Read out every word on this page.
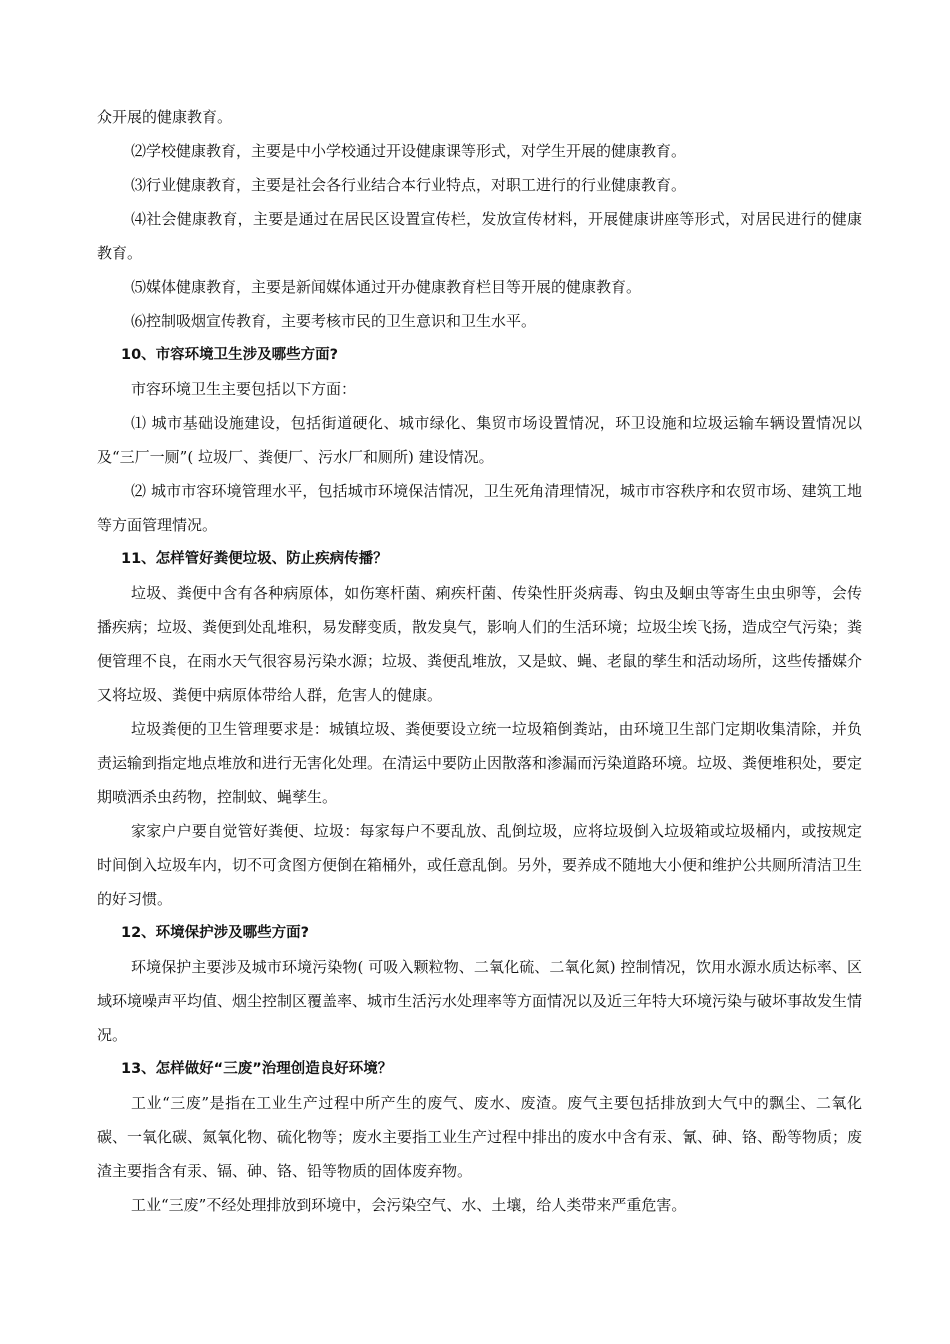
众开展的健康教育。

⑵学校健康教育，主要是中小学校通过开设健康课等形式，对学生开展的健康教育。

⑶行业健康教育，主要是社会各行业结合本行业特点，对职工进行的行业健康教育。

⑷社会健康教育，主要是通过在居民区设置宣传栏，发放宣传材料，开展健康讲座等形式，对居民进行的健康教育。

⑸媒体健康教育，主要是新闻媒体通过开办健康教育栏目等开展的健康教育。

⑹控制吸烟宣传教育，主要考核市民的卫生意识和卫生水平。

10、市容环境卫生涉及哪些方面?

市容环境卫生主要包括以下方面：

⑴ 城市基础设施建设，包括街道硬化、城市绿化、集贸市场设置情况，环卫设施和垃圾运输车辆设置情况以及“三厂一厕”( 垃圾厂、粪便厂、污水厂和厕所) 建设情况。

⑵ 城市市容环境管理水平，包括城市环境保洁情况，卫生死角清理情况，城市市容秩序和农贸市场、建筑工地等方面管理情况。

11、怎样管好粪便垃圾、防止疾病传播？

垃圾、粪便中含有各种病原体，如伤寒杆菌、痢疾杆菌、传染性肝炎病毒、钩虫及蛔虫等寄生虫虫卵等，会传播疾病；垃圾、粪便到处乱堆积，易发酵变质，散发臭气，影响人们的生活环境；垃圾尘埃飞扬，造成空气污染；粪便管理不良，在雨水天气很容易污染水源；垃圾、粪便乱堆放，又是蚊、蝇、老鼠的孳生和活动场所，这些传播媒介又将垃圾、粪便中病原体带给人群，危害人的健康。

垃圾粪便的卫生管理要求是：城镇垃圾、粪便要设立统一垃圾箱倒粪站，由环境卫生部门定期收集清除，并负责运输到指定地点堆放和进行无害化处理。在清运中要防止因散落和渗漏而污染道路环境。垃圾、粪便堆积处，要定期喷洒杀虫药物，控制蚊、蝇孳生。

家家户户要自觉管好粪便、垃圾：每家每户不要乱放、乱倒垃圾，应将垃圾倒入垃圾箱或垃圾桶内，或按规定时间倒入垃圾车内，切不可贪图方便倒在箱桶外，或任意乱倒。另外，要养成不随地大小便和维护公共厕所清洁卫生的好习惯。

12、环境保护涉及哪些方面?

环境保护主要涉及城市环境污染物( 可吸入颗粒物、二氧化硫、二氧化氮) 控制情况，饮用水源水质达标率、区域环境噪声平均值、烟尘控制区覆盖率、城市生活污水处理率等方面情况以及近三年特大环境污染与破坏事故发生情况。

13、怎样做好“三废”治理创造良好环境？

工业“三废”是指在工业生产过程中所产生的废气、废水、废渣。废气主要包括排放到大气中的飘尘、二氧化碳、一氧化碳、氮氧化物、硫化物等；废水主要指工业生产过程中排出的废水中含有汞、氰、砷、铬、酚等物质；废渣主要指含有汞、镉、砷、铬、铅等物质的固体废弃物。

工业“三废”不经处理排放到环境中，会污染空气、水、土壤，给人类带来严重危害。
